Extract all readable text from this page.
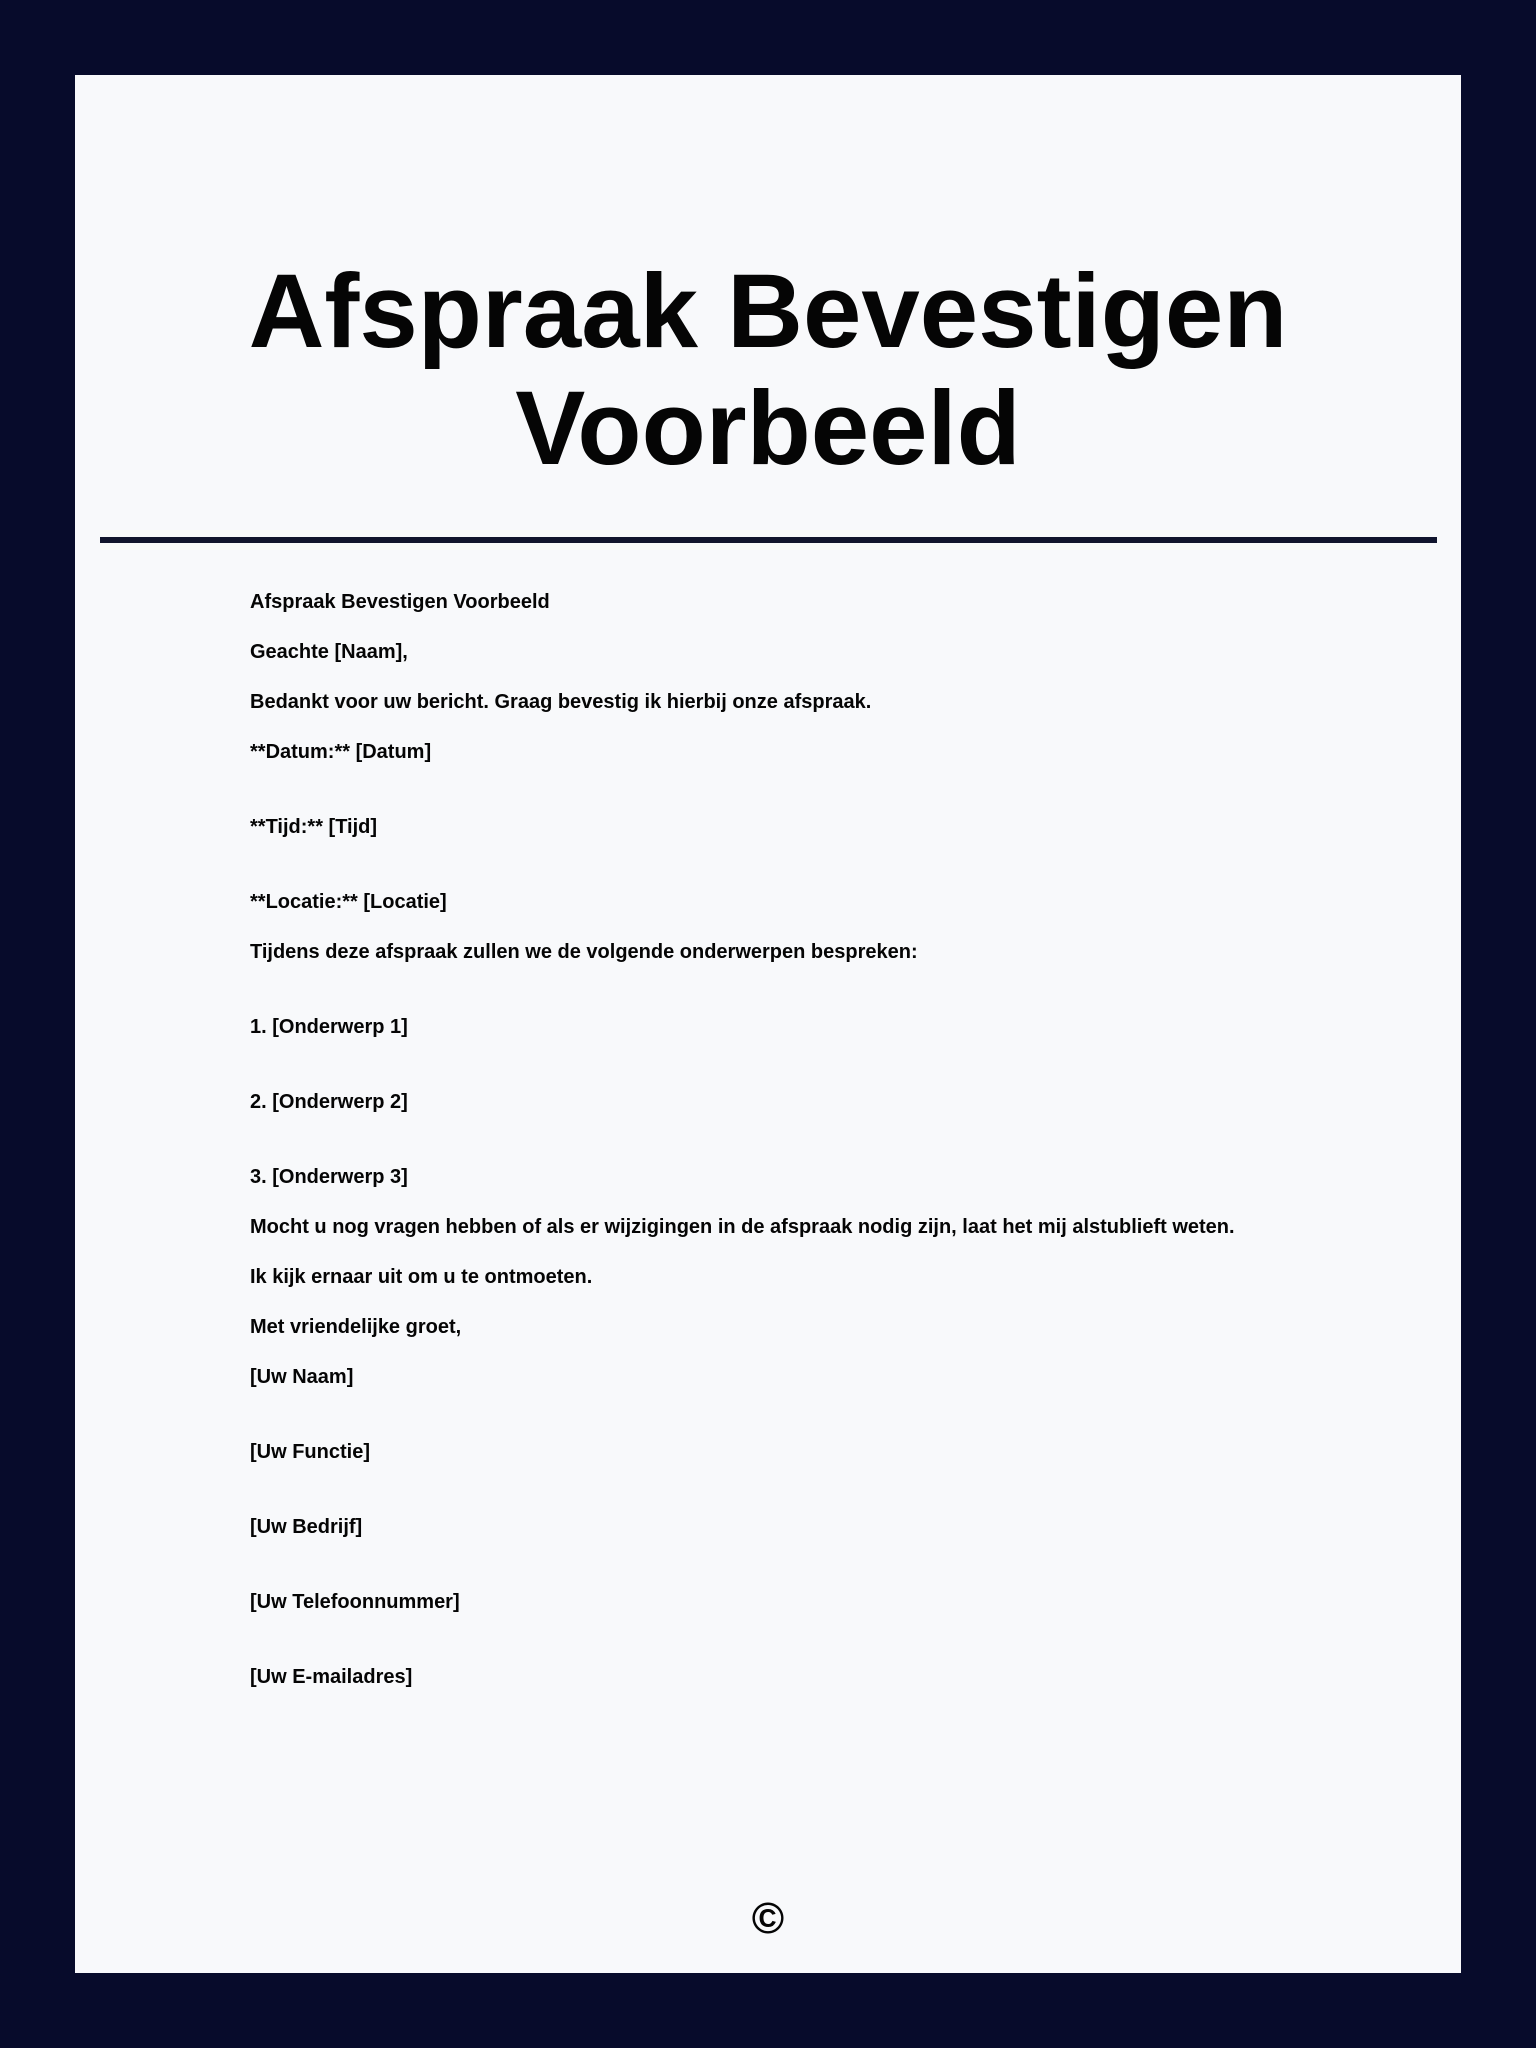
Afspraak Bevestigen Voorbeeld

Afspraak Bevestigen Voorbeeld

Geachte [Naam],

Bedankt voor uw bericht. Graag bevestig ik hierbij onze afspraak.

**Datum:** [Datum]

**Tijd:** [Tijd]

**Locatie:** [Locatie]

Tijdens deze afspraak zullen we de volgende onderwerpen bespreken:

1. [Onderwerp 1]

2. [Onderwerp 2]

3. [Onderwerp 3]

Mocht u nog vragen hebben of als er wijzigingen in de afspraak nodig zijn, laat het mij alstublieft weten.

Ik kijk ernaar uit om u te ontmoeten.

Met vriendelijke groet,

[Uw Naam]

[Uw Functie]

[Uw Bedrijf]

[Uw Telefoonnummer]

[Uw E-mailadres]

©
